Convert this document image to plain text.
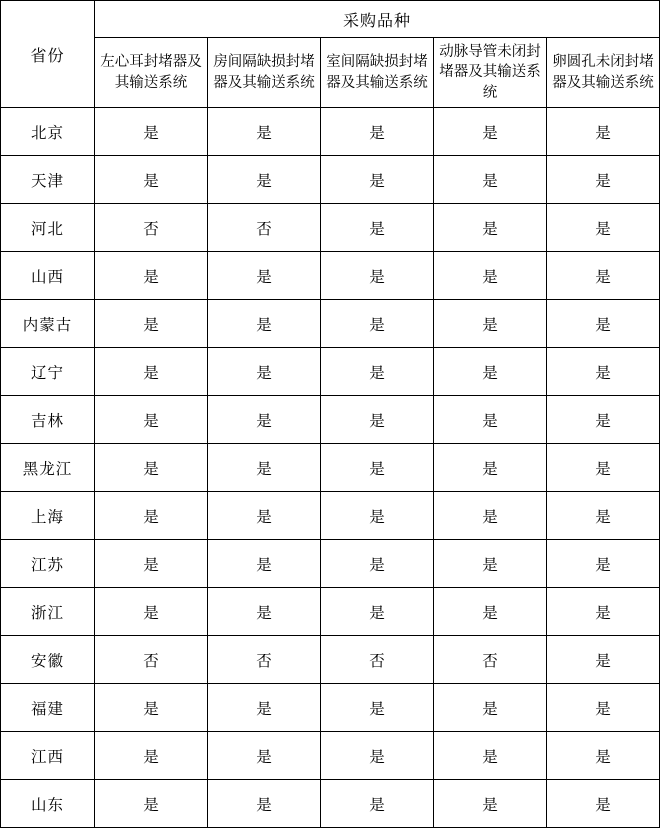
省份	采购品种				
	左心耳封堵器及其输送系统	房间隔缺损封堵器及其输送系统	室间隔缺损封堵器及其输送系统	动脉导管未闭封堵器及其输送系统	卵圆孔未闭封堵器及其输送系统
北京	是	是	是	是	是
天津	是	是	是	是	是
河北	否	否	是	是	是
山西	是	是	是	是	是
内蒙古	是	是	是	是	是
辽宁	是	是	是	是	是
吉林	是	是	是	是	是
黑龙江	是	是	是	是	是
上海	是	是	是	是	是
江苏	是	是	是	是	是
浙江	是	是	是	是	是
安徽	否	否	否	否	是
福建	是	是	是	是	是
江西	是	是	是	是	是
山东	是	是	是	是	是
